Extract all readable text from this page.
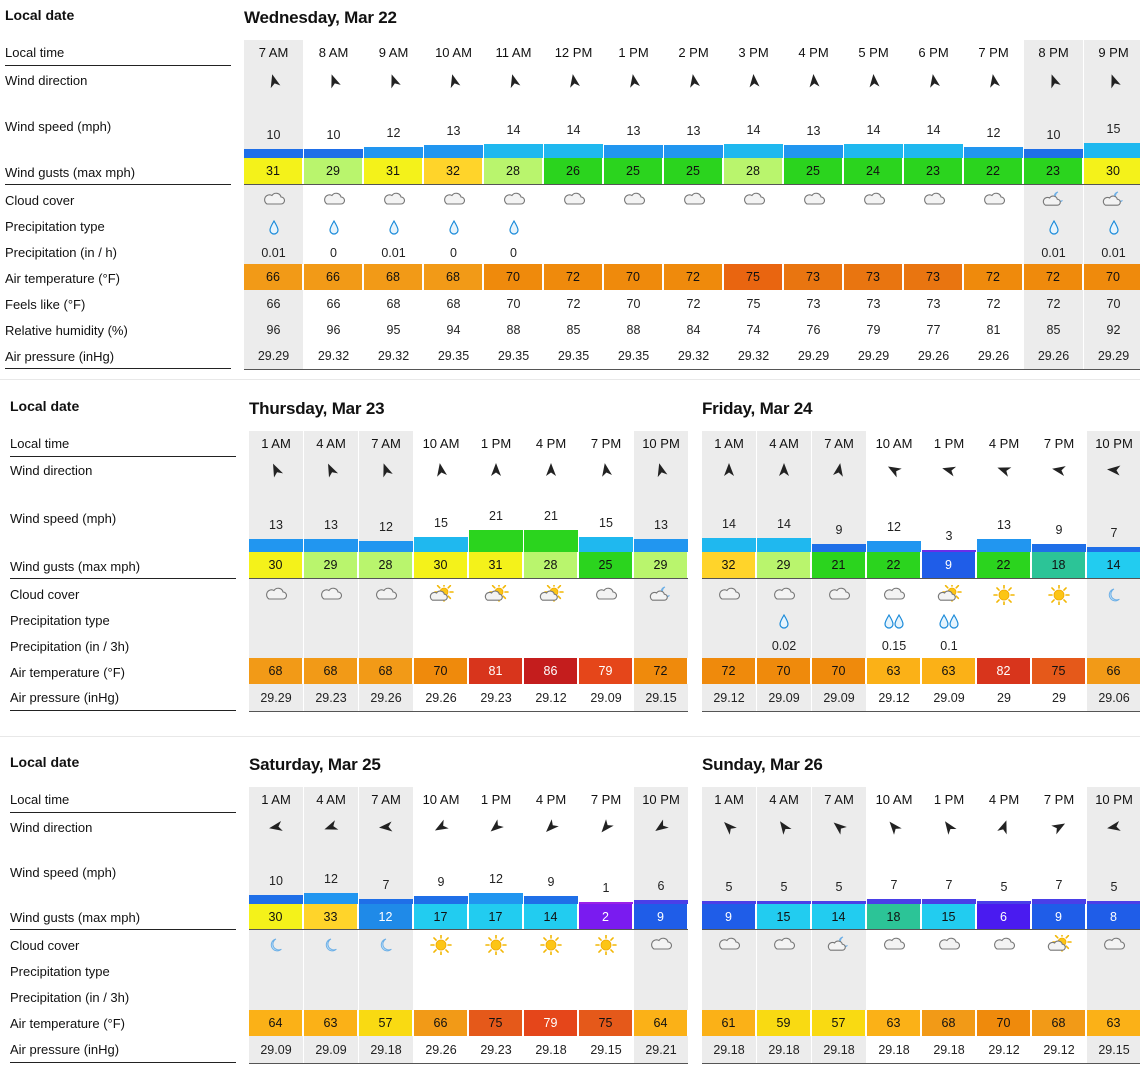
Local date
Local time
Wind direction
Wind speed (mph)
Wind gusts (max mph)
Cloud cover
Precipitation type
Precipitation (in / h)
Air temperature (°F)
Feels like (°F)
Relative humidity (%)
Air pressure (inHg)
Wednesday, Mar 22
7 AM
10
31
0.01
66
66
96
29.29
8 AM
10
29
0
66
66
96
29.32
9 AM
12
31
0.01
68
68
95
29.32
10 AM
13
32
0
68
68
94
29.35
11 AM
14
28
0
70
70
88
29.35
12 PM
14
26
72
72
85
29.35
1 PM
13
25
70
70
88
29.35
2 PM
13
25
72
72
84
29.32
3 PM
14
28
75
75
74
29.32
4 PM
13
25
73
73
76
29.29
5 PM
14
24
73
73
79
29.29
6 PM
14
23
73
73
77
29.26
7 PM
12
22
72
72
81
29.26
8 PM
10
23
0.01
72
72
85
29.26
9 PM
15
30
0.01
70
70
92
29.29
Local date
Local time
Wind direction
Wind speed (mph)
Wind gusts (max mph)
Cloud cover
Precipitation type
Precipitation (in / 3h)
Air temperature (°F)
Air pressure (inHg)
Thursday, Mar 23
1 AM
13
30
68
29.29
4 AM
13
29
68
29.23
7 AM
12
28
68
29.26
10 AM
15
30
70
29.26
1 PM
21
31
81
29.23
4 PM
21
28
86
29.12
7 PM
15
25
79
29.09
10 PM
13
29
72
29.15
Friday, Mar 24
1 AM
14
32
72
29.12
4 AM
14
29
0.02
70
29.09
7 AM
9
21
70
29.09
10 AM
12
22
0.15
63
29.12
1 PM
3
9
0.1
63
29.09
4 PM
13
22
82
29
7 PM
9
18
75
29
10 PM
7
14
66
29.06
Local date
Local time
Wind direction
Wind speed (mph)
Wind gusts (max mph)
Cloud cover
Precipitation type
Precipitation (in / 3h)
Air temperature (°F)
Air pressure (inHg)
Saturday, Mar 25
1 AM
10
30
64
29.09
4 AM
12
33
63
29.09
7 AM
7
12
57
29.18
10 AM
9
17
66
29.26
1 PM
12
17
75
29.23
4 PM
9
14
79
29.18
7 PM
1
2
75
29.15
10 PM
6
9
64
29.21
Sunday, Mar 26
1 AM
5
9
61
29.18
4 AM
5
15
59
29.18
7 AM
5
14
57
29.18
10 AM
7
18
63
29.18
1 PM
7
15
68
29.18
4 PM
5
6
70
29.12
7 PM
7
9
68
29.12
10 PM
5
8
63
29.15
